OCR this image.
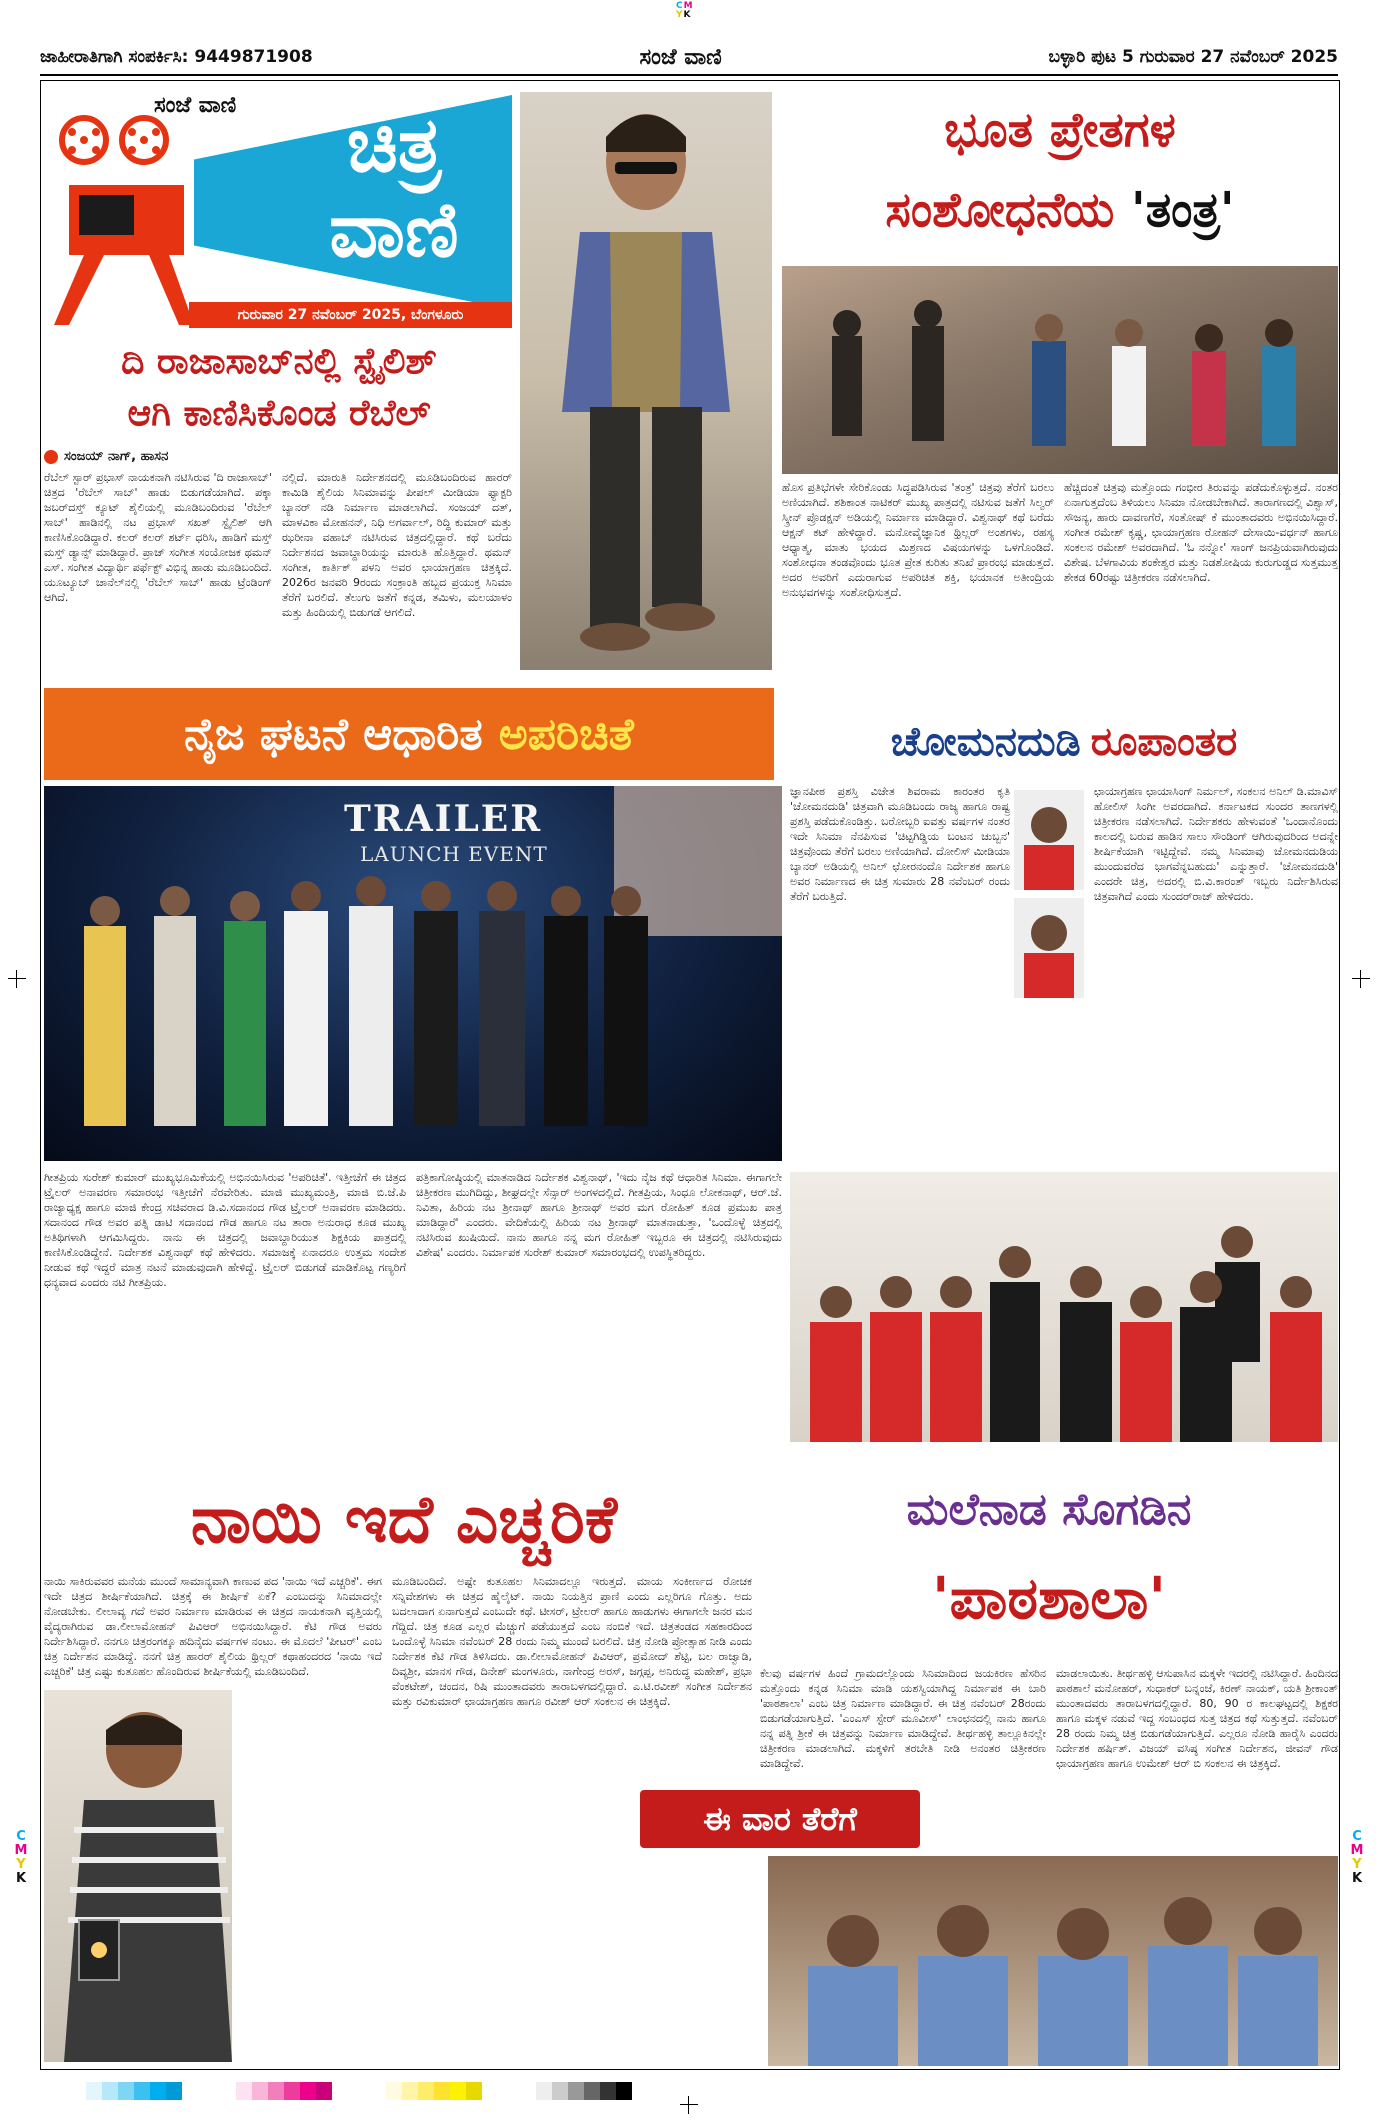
C M
Y K
ಜಾಹೀರಾತಿಗಾಗಿ ಸಂಪರ್ಕಿಸಿ: 9449871908	ಸಂಜೆ ವಾಣಿ	ಬಳ್ಳಾರಿ ಪುಟ 5 ಗುರುವಾರ 27 ನವೆಂಬರ್ 2025
ಸಂಜೆ ವಾಣಿ	ಚಿತ್ರ
ವಾಣಿ
ಗುರುವಾರ 27 ನವೆಂಬರ್ 2025, ಬೆಂಗಳೂರು
ದಿ ರಾಜಾಸಾಬ್‌ನಲ್ಲಿ ಸ್ಟೈಲಿಶ್
ಆಗಿ ಕಾಣಿಸಿಕೊಂಡ ರೆಬೆಲ್
ಸಂಜಯ್ ನಾಗ್, ಹಾಸನ
ರೆಬೆಲ್ ಸ್ಟಾರ್ ಪ್ರಭಾಸ್ ನಾಯಕನಾಗಿ ನಟಿಸಿರುವ 'ದಿ ರಾಜಾಸಾಬ್' ಚಿತ್ರದ 'ರೆಬೆಲ್ ಸಾಬ್' ಹಾಡು ಬಿಡುಗಡೆಯಾಗಿದೆ. ಪಕ್ಕಾ ಜಬರ್‌ದಸ್ತ್ ಕ್ಯೂಟ್ ಶೈಲಿಯಲ್ಲಿ ಮೂಡಿಬಂದಿರುವ 'ರೆಬೆಲ್ ಸಾಬ್' ಹಾಡಿನಲ್ಲಿ ನಟ ಪ್ರಭಾಸ್ ಸಖತ್ ಸ್ಟೈಲಿಶ್ ಆಗಿ ಕಾಣಿಸಿಕೊಂಡಿದ್ದಾರೆ. ಕಲರ್ ಕಲರ್ ಶರ್ಟ್ ಧರಿಸಿ, ಹಾಡಿಗೆ ಮಸ್ತ್ ಮಸ್ತ್ ಡ್ಯಾನ್ಸ್ ಮಾಡಿದ್ದಾರೆ. ಪ್ರಾಜ್ ಸಂಗೀತ ಸಂಯೋಜಕ ಥಮನ್ ಎಸ್. ಸಂಗೀತ ವಿದ್ಯಾರ್ಥಿ ಪರ್ಫೆಕ್ಟ್ ವಿಭಿನ್ನ ಹಾಡು ಮೂಡಿಬಂದಿದೆ. ಯೂಟ್ಯೂಬ್ ಚಾನೆಲ್‌ನಲ್ಲಿ 'ರೆಬೆಲ್ ಸಾಬ್' ಹಾಡು ಟ್ರೆಂಡಿಂಗ್ ಆಗಿದೆ.
ನಲ್ಲಿದೆ. ಮಾರುತಿ ನಿರ್ದೇಶನದಲ್ಲಿ ಮೂಡಿಬಂದಿರುವ ಹಾರರ್ ಕಾಮಿಡಿ ಶೈಲಿಯ ಸಿನಿಮಾವನ್ನು ಪೀಪಲ್ ಮೀಡಿಯಾ ಫ್ಯಾಕ್ಟರಿ ಬ್ಯಾನರ್ ನಡಿ ನಿರ್ಮಾಣ ಮಾಡಲಾಗಿದೆ. ಸಂಜಯ್ ದತ್, ಮಾಳವಿಕಾ ಮೋಹನನ್, ನಿಧಿ ಅಗರ್ವಾಲ್, ರಿದ್ಧಿ ಕುಮಾರ್ ಮತ್ತು ಝರೀನಾ ವಹಾಬ್ ನಟಿಸಿರುವ ಚಿತ್ರದಲ್ಲಿದ್ದಾರೆ. ಕಥೆ ಬರೆದು ನಿರ್ದೇಶನದ ಜವಾಬ್ದಾರಿಯನ್ನು ಮಾರುತಿ ಹೊತ್ತಿದ್ದಾರೆ. ಥಮನ್ ಸಂಗೀತ, ಕಾರ್ತಿಕ್ ಪಳನಿ ಅವರ ಛಾಯಾಗ್ರಹಣ ಚಿತ್ರಕ್ಕಿದೆ. 2026ರ ಜನವರಿ 9ರಂದು ಸಂಕ್ರಾಂತಿ ಹಬ್ಬದ ಪ್ರಯುಕ್ತ ಸಿನಿಮಾ ತೆರೆಗೆ ಬರಲಿದೆ. ತೆಲುಗು ಜತೆಗೆ ಕನ್ನಡ, ತಮಿಳು, ಮಲಯಾಳಂ ಮತ್ತು ಹಿಂದಿಯಲ್ಲಿ ಬಿಡುಗಡೆ ಆಗಲಿದೆ.
ಭೂತ ಪ್ರೇತಗಳ
ಸಂಶೋಧನೆಯ 'ತಂತ್ರ'
ಹೊಸ ಪ್ರತಿಭೆಗಳೇ ಸೇರಿಕೊಂಡು ಸಿದ್ಧಪಡಿಸಿರುವ 'ತಂತ್ರ' ಚಿತ್ರವು ತೆರೆಗೆ ಬರಲು ಅಣಿಯಾಗಿದೆ. ಶಶಿಕಾಂತ ನಾಟಿಕರ್ ಮುಖ್ಯ ಪಾತ್ರದಲ್ಲಿ ನಟಿಸುವ ಜತೆಗೆ ಸಿಲ್ವರ್ ಸ್ಕ್ರೀನ್ ಪ್ರೊಡಕ್ಷನ್ ಅಡಿಯಲ್ಲಿ ನಿರ್ಮಾಣ ಮಾಡಿದ್ದಾರೆ. ವಿಶ್ವನಾಥ್ ಕಥೆ ಬರೆದು ಆಕ್ಷನ್ ಕಟ್ ಹೇಳಿದ್ದಾರೆ. ಮನೋವೈಜ್ಞಾನಿಕ ಥ್ರಿಲ್ಲರ್ ಅಂಶಗಳು, ರಹಸ್ಯ ಆಧ್ಯಾತ್ಮ, ಮಾತು ಭಯದ ಮಿಶ್ರಣದ ವಿಷಯಗಳನ್ನು ಒಳಗೊಂಡಿದೆ. ಸಂಶೋಧನಾ ತಂಡವೊಂದು ಭೂತ ಪ್ರೇತ ಕುರಿತು ತನಿಖೆ ಪ್ರಾರಂಭ ಮಾಡುತ್ತದೆ. ಅದರ ಅವರಿಗೆ ಎದುರಾಗುವ ಅಪರಿಚಿತ ಶಕ್ತಿ, ಭಯಾನಕ ಅತೀಂದ್ರಿಯ ಅನುಭವಗಳನ್ನು ಸಂಶೋಧಿಸುತ್ತದೆ.
ಹೆಚ್ಚಿದಂತೆ ಚಿತ್ರವು ಮತ್ತೊಂದು ಗಂಭೀರ ತಿರುವನ್ನು ಪಡೆದುಕೊಳ್ಳುತ್ತದೆ. ನಂತರ ಏನಾಗುತ್ತದೆಂಬ ತಿಳಿಯಲು ಸಿನಿಮಾ ನೋಡಬೇಕಾಗಿದೆ. ತಾರಾಗಣದಲ್ಲಿ ವಿಶ್ವಾಸ್, ಸೌಜನ್ಯ, ಹಾರು ದಾವಣಗೆರೆ, ಸಂತೋಷ್ ಕೆ ಮುಂತಾದವರು ಅಭಿನಯಿಸಿದ್ದಾರೆ. ಸಂಗೀತ ರಮೇಶ್ ಕೃಷ್ಣ, ಛಾಯಾಗ್ರಹಣ ರೋಹನ್ ದೇಸಾಯಿ-ವರ್ಧನ್ ಹಾಗೂ ಸಂಕಲನ ರಮೇಶ್ ಅವರದಾಗಿದೆ. 'ಓ ನನ್ನೋ' ಸಾಂಗ್ ಜನಪ್ರಿಯವಾಗಿರುವುದು ವಿಶೇಷ. ಬೆಳಗಾವಿಯ ಶಂಕೇಶ್ವರ ಮತ್ತು ನಿಡಶೋಷಿಯ ಕುರುಗುಡ್ಡದ ಸುತ್ತಮುತ್ತ ಶೇಕಡ 60ರಷ್ಟು ಚಿತ್ರೀಕರಣ ನಡೆಸಲಾಗಿದೆ.
ನೈಜ ಘಟನೆ ಆಧಾರಿತ ಅಪರಿಚಿತೆ
TRAILER
LAUNCH EVENT
ಚೋಮನದುಡಿ ರೂಪಾಂತರ
ಜ್ಞಾನಪೀಠ ಪ್ರಶಸ್ತಿ ವಿಜೇತ ಶಿವರಾಮ ಕಾರಂತರ ಕೃತಿ 'ಚೋಮನದುಡಿ' ಚಿತ್ರವಾಗಿ ಮೂಡಿಬಂದು ರಾಜ್ಯ ಹಾಗೂ ರಾಷ್ಟ್ರ ಪ್ರಶಸ್ತಿ ಪಡೆದುಕೊಂಡಿತ್ತು. ಬರೋಬ್ಬರಿ ಐವತ್ತು ವರ್ಷಗಳ ನಂತರ ಇದೇ ಸಿನಿಮಾ ನೆನಪಿಸುವ 'ಚಿಟ್ಟಗಿಡ್ಡಿಯ ಬಂಟನ ಚುಬ್ಬನ' ಚಿತ್ರವೊಂದು ತೆರೆಗೆ ಬರಲು ಅಣಿಯಾಗಿದೆ. ದೋಲಿಸ್ ಮೀಡಿಯಾ ಬ್ಯಾನರ್ ಅಡಿಯಲ್ಲಿ ಅನಿಲ್ ಛೋರನಂದೊ ನಿರ್ದೇಶಕ ಹಾಗೂ ಅವರ ನಿರ್ಮಾಣದ ಈ ಚಿತ್ರ ಸುಮಾರು 28 ನವೆಂಬರ್ ರಂದು ತೆರೆಗೆ ಬರುತ್ತಿದೆ.
ಛಾಯಾಗ್ರಹಣ ಛಾಯಾಸಿಂಗ್ ನಿರ್ಮಲ್, ಸಂಕಲನ ಅನಿಲ್ ಡಿ.ಮಾವಿಸ್ ಹೋಲಿಸ್ ಸಿಂಗೀ ಅವರದಾಗಿದೆ. ಕರ್ನಾಟಕದ ಸುಂದರ ತಾಣಗಳಲ್ಲಿ ಚಿತ್ರೀಕರಣ ನಡೆಸಲಾಗಿದೆ. ನಿರ್ದೇಶಕರು ಹೇಳುವಂತೆ 'ಒಂದಾನೊಂದು ಕಾಲದಲ್ಲಿ ಬರುವ ಹಾಡಿನ ಸಾಲು ಸೌಂಡಿಂಗ್ ಆಗಿರುವುದರಿಂದ ಅದನ್ನೇ ಶೀರ್ಷಿಕೆಯಾಗಿ ಇಟ್ಟಿದ್ದೇವೆ. ನಮ್ಮ ಸಿನಿಮಾವು ಚೋಮನದುಡಿಯ ಮುಂದುವರೆದ ಭಾಗವೆನ್ನಬಹುದು' ಎನ್ನುತ್ತಾರೆ. 'ಚೋಮನದುಡಿ' ಎಂದರೇ ಚಿತ್ರ, ಅದರಲ್ಲಿ ಬಿ.ವಿ.ಕಾರಂತ್ ಇಬ್ಬರು ನಿರ್ದೇಶಿಸಿರುವ ಚಿತ್ರವಾಗಿದೆ ಎಂದು ಸುಂದರ್‌ರಾಜ್ ಹೇಳಿದರು.
ಗೀತಪ್ರಿಯ ಸುರೇಶ್ ಕುಮಾರ್ ಮುಖ್ಯಭೂಮಿಕೆಯಲ್ಲಿ ಅಭಿನಯಿಸಿರುವ 'ಅಪರಿಚಿತೆ'. ಇತ್ತೀಚೆಗೆ ಈ ಚಿತ್ರದ ಟ್ರೈಲರ್ ಅನಾವರಣ ಸಮಾರಂಭ ಇತ್ತೀಚೆಗೆ ನೆರವೇರಿತು. ಮಾಜಿ ಮುಖ್ಯಮಂತ್ರಿ, ಮಾಜಿ ಬಿ.ಜೆ.ಪಿ ರಾಜ್ಯಾಧ್ಯಕ್ಷ ಹಾಗೂ ಮಾಜಿ ಕೇಂದ್ರ ಸಚಿವರಾದ ಡಿ.ವಿ.ಸದಾನಂದ ಗೌಡ ಟ್ರೈಲರ್ ಅನಾವರಣ ಮಾಡಿದರು. ಸದಾನಂದ ಗೌಡ ಅವರ ಪತ್ನಿ ಡಾಟಿ ಸದಾನಂದ ಗೌಡ ಹಾಗೂ ನಟ ತಾರಾ ಅನುರಾಧ ಕೂಡ ಮುಖ್ಯ ಅತಿಥಿಗಳಾಗಿ ಆಗಮಿಸಿದ್ದರು. ನಾನು ಈ ಚಿತ್ರದಲ್ಲಿ ಜವಾಬ್ದಾರಿಯುತ ಶಿಕ್ಷಕಿಯ ಪಾತ್ರದಲ್ಲಿ ಕಾಣಿಸಿಕೊಂಡಿದ್ದೇನೆ. ನಿರ್ದೇಶಕ ವಿಶ್ವನಾಥ್ ಕಥೆ ಹೇಳಿದರು. ಸಮಾಜಕ್ಕೆ ಏನಾದರೂ ಉತ್ತಮ ಸಂದೇಶ ನೀಡುವ ಕಥೆ ಇದ್ದರೆ ಮಾತ್ರ ನಟನೆ ಮಾಡುವುದಾಗಿ ಹೇಳಿದ್ದೆ. ಟ್ರೈಲರ್ ಬಿಡುಗಡೆ ಮಾಡಿಕೊಟ್ಟ ಗಣ್ಯರಿಗೆ ಧನ್ಯವಾದ ಎಂದರು ನಟಿ ಗೀತಪ್ರಿಯ.
ಪತ್ರಿಕಾಗೋಷ್ಠಿಯಲ್ಲಿ ಮಾತನಾಡಿದ ನಿರ್ದೇಶಕ ವಿಶ್ವನಾಥ್, 'ಇದು ನೈಜ ಕಥೆ ಆಧಾರಿತ ಸಿನಿಮಾ. ಈಗಾಗಲೇ ಚಿತ್ರೀಕರಣ ಮುಗಿದಿದ್ದು, ಶೀಘ್ರದಲ್ಲೇ ಸೆನ್ಸಾರ್ ಅಂಗಳದಲ್ಲಿದೆ. ಗೀತಪ್ರಿಯ, ಸಿಂಧೂ ಲೋಕನಾಥ್, ಆರ್.ಜೆ. ನಿವಿತಾ, ಹಿರಿಯ ನಟ ಶ್ರೀನಾಥ್ ಹಾಗೂ ಶ್ರೀನಾಥ್ ಅವರ ಮಗ ರೋಹಿತ್ ಕೂಡ ಪ್ರಮುಖ ಪಾತ್ರ ಮಾಡಿದ್ದಾರೆ' ಎಂದರು. ವೇದಿಕೆಯಲ್ಲಿ ಹಿರಿಯ ನಟ ಶ್ರೀನಾಥ್ ಮಾತನಾಡುತ್ತಾ, 'ಒಂದೊಳ್ಳೆ ಚಿತ್ರದಲ್ಲಿ ನಟಿಸಿರುವ ಖುಷಿಯಿದೆ. ನಾನು ಹಾಗೂ ನನ್ನ ಮಗ ರೋಹಿತ್ ಇಬ್ಬರೂ ಈ ಚಿತ್ರದಲ್ಲಿ ನಟಿಸಿರುವುದು ವಿಶೇಷ' ಎಂದರು. ನಿರ್ಮಾಪಕ ಸುರೇಶ್ ಕುಮಾರ್ ಸಮಾರಂಭದಲ್ಲಿ ಉಪಸ್ಥಿತರಿದ್ದರು.
ನಾಯಿ ಇದೆ ಎಚ್ಚರಿಕೆ
ನಾಯಿ ಸಾಕಿರುವವರ ಮನೆಯ ಮುಂದೆ ಸಾಮಾನ್ಯವಾಗಿ ಕಾಣುವ ಪದ 'ನಾಯಿ ಇದೆ ಎಚ್ಚರಿಕೆ'. ಈಗ ಇದೇ ಚಿತ್ರದ ಶೀರ್ಷಿಕೆಯಾಗಿದೆ. ಚಿತ್ರಕ್ಕೆ ಈ ಶೀರ್ಷಿಕೆ ಏಕೆ? ಎಂಬುದನ್ನು ಸಿನಿಮಾದಲ್ಲೇ ನೋಡಬೇಕು. ಲೀಲಾವ್ಯ ಗದೆ ಅವರ ನಿರ್ಮಾಣ ಮಾಡಿರುವ ಈ ಚಿತ್ರದ ನಾಯಕನಾಗಿ ವೃತ್ತಿಯಲ್ಲಿ ವೈದ್ಯರಾಗಿರುವ ಡಾ.ಲೀಲಾಮೋಹನ್ ಪಿವಿಆರ್ ಅಭಿನಯಿಸಿದ್ದಾರೆ. ಕೆಟಿ ಗೌಡ ಅವರು ನಿರ್ದೇಶಿಸಿದ್ದಾರೆ. ನನಗೂ ಚಿತ್ರರಂಗಕ್ಕೂ ಹದಿನೈದು ವರ್ಷಗಳ ನಂಟು. ಈ ಮೊದಲೆ 'ಪೀಟರ್' ಎಂಬ ಚಿತ್ರ ನಿರ್ದೇಶನ ಮಾಡಿದ್ದೆ. ನನಗೆ ಚಿತ್ರ ಹಾರರ್ ಶೈಲಿಯ ಥ್ರಿಲ್ಲರ್ ಕಥಾಹಂದರದ 'ನಾಯಿ ಇದೆ ಎಚ್ಚರಿಕೆ' ಚಿತ್ರ ಎಷ್ಟು ಕುತೂಹಲ ಹೊಂದಿರುವ ಶೀರ್ಷಿಕೆಯಲ್ಲಿ ಮೂಡಿಬಂದಿದೆ.
ಮೂಡಿಬಂದಿದೆ. ಅಷ್ಟೇ ಕುತೂಹಲ ಸಿನಿಮಾದಲ್ಲೂ ಇರುತ್ತದೆ. ಮಾಯ ಸಂಕೀರ್ಣದ ರೋಚಕ ಸನ್ನಿವೇಶಗಳು ಈ ಚಿತ್ರದ ಹೈಲೈಟ್. ನಾಯಿ ನಿಯತ್ತಿನ ಪ್ರಾಣಿ ಎಂದು ಎಲ್ಲರಿಗೂ ಗೊತ್ತು. ಅದು ಬದಲಾದಾಗ ಏನಾಗುತ್ತದೆ ಎಂಬುದೇ ಕಥೆ. ಟೀಸರ್, ಟ್ರೇಲರ್ ಹಾಗೂ ಹಾಡುಗಳು ಈಗಾಗಲೇ ಜನರ ಮನ ಗೆದ್ದಿದೆ. ಚಿತ್ರ ಕೂಡ ಎಲ್ಲರ ಮೆಚ್ಚುಗೆ ಪಡೆಯುತ್ತದೆ ಎಂಬ ನಂಬಿಕೆ ಇದೆ. ಚಿತ್ರತಂಡದ ಸಹಕಾರದಿಂದ ಒಂದೊಳ್ಳೆ ಸಿನಿಮಾ ನವೆಂಬರ್ 28 ರಂದು ನಿಮ್ಮ ಮುಂದೆ ಬರಲಿದೆ. ಚಿತ್ರ ನೋಡಿ ಪ್ರೋತ್ಸಾಹ ನೀಡಿ ಎಂದು ನಿರ್ದೇಶಕ ಕೆಟಿ ಗೌಡ ತಿಳಿಸಿದರು. ಡಾ.ಲೀಲಾಮೋಹನ್ ಪಿವಿಆರ್, ಪ್ರಮೋದ್ ಶೆಟ್ಟಿ, ಬಲ ರಾಜ್ವಾಡಿ, ದಿವ್ಯಶ್ರೀ, ಮಾನಸ ಗೌಡ, ದಿನೇಶ್ ಮಂಗಳೂರು, ನಾಗೇಂದ್ರ ಅರಸ್, ಜಗ್ಗಪ್ಪ, ಅನಿರುದ್ಧ ಮಹೇಶ್, ಪ್ರಭಾ ವೆಂಕಟೇಶ್, ಚಂದನ, ರಿಷಿ ಮುಂತಾದವರು ತಾರಾಬಳಗದಲ್ಲಿದ್ದಾರೆ. ಎ.ಟಿ.ರವೀಶ್ ಸಂಗೀತ ನಿರ್ದೇಶನ ಮತ್ತು ರವಿಕುಮಾರ್ ಛಾಯಾಗ್ರಹಣ ಹಾಗೂ ರವೀಶ್ ಆರ್ ಸಂಕಲನ ಈ ಚಿತ್ರಕ್ಕಿದೆ.
ಮಲೆನಾಡ ಸೊಗಡಿನ
'ಪಾಠಶಾಲಾ'
ಕೆಲವು ವರ್ಷಗಳ ಹಿಂದೆ ಗ್ರಾಮದಲ್ಲೊಂದು ಸಿನಿಮಾದಿಂದ ಜಯಕಿರಣ ಹೆಸರಿನ ಮತ್ತೊಂದು ಕನ್ನಡ ಸಿನಿಮಾ ಮಾಡಿ ಯಶಸ್ವಿಯಾಗಿದ್ದ ನಿರ್ಮಾಪಕ ಈ ಬಾರಿ 'ಪಾಠಶಾಲಾ' ಎಂಬ ಚಿತ್ರ ನಿರ್ಮಾಣ ಮಾಡಿದ್ದಾರೆ. ಈ ಚಿತ್ರ ನವೆಂಬರ್ 28ರಂದು ಬಿಡುಗಡೆಯಾಗುತ್ತಿದೆ. 'ಎಂಎಸ್ ಸ್ಟೇರ್ ಮೂವೀಸ್' ಲಾಂಛನದಲ್ಲಿ ನಾನು ಹಾಗೂ ನನ್ನ ಪತ್ನಿ ಶ್ರೀಕೆ ಈ ಚಿತ್ರವನ್ನು ನಿರ್ಮಾಣ ಮಾಡಿದ್ದೇವೆ. ತೀರ್ಥಹಳ್ಳಿ ತಾಲ್ಲೂಕಿನಲ್ಲೇ ಚಿತ್ರೀಕರಣ ಮಾಡಲಾಗಿದೆ. ಮಕ್ಕಳಿಗೆ ತರಬೇತಿ ನೀಡಿ ಅನಂತರ ಚಿತ್ರೀಕರಣ ಮಾಡಿದ್ದೇವೆ.
ಮಾಡಲಾಯಿತು. ತೀರ್ಥಹಳ್ಳಿ ಆಸುಪಾಸಿನ ಮಕ್ಕಳೇ ಇದರಲ್ಲಿ ನಟಿಸಿದ್ದಾರೆ. ಹಿಂದಿನದ ಪಾಠಶಾಲೆ ಮನೋಹರ್, ಸುಧಾಕರ್ ಬನ್ನಂಜೆ, ಕಿರಣ್ ನಾಯಕ್, ಯತಿ ಶ್ರೀಕಾಂತ್ ಮುಂತಾದವರು ತಾರಾಬಳಗದಲ್ಲಿದ್ದಾರೆ. 80, 90 ರ ಕಾಲಘಟ್ಟದಲ್ಲಿ ಶಿಕ್ಷಕರ ಹಾಗೂ ಮಕ್ಕಳ ನಡುವೆ ಇದ್ದ ಸಂಬಂಧದ ಸುತ್ತ ಚಿತ್ರದ ಕಥೆ ಸುತ್ತುತ್ತದೆ. ನವೆಂಬರ್ 28 ರಂದು ನಿಮ್ಮ ಚಿತ್ರ ಬಿಡುಗಡೆಯಾಗುತ್ತಿದೆ. ಎಲ್ಲರೂ ನೋಡಿ ಹಾರೈಸಿ ಎಂದರು ನಿರ್ದೇಶಕ ಹರ್ಷಿತ್. ವಿಜಯ್ ವಸಿಷ್ಠ ಸಂಗೀತ ನಿರ್ದೇಶನ, ಜೀವನ್ ಗೌಡ ಛಾಯಾಗ್ರಹಣ ಹಾಗೂ ಉಮೇಶ್ ಆರ್ ಬಿ ಸಂಕಲನ ಈ ಚಿತ್ರಕ್ಕಿದೆ.
ಈ ವಾರ ತೆರೆಗೆ
C
M
Y
K
C
M
Y
K
